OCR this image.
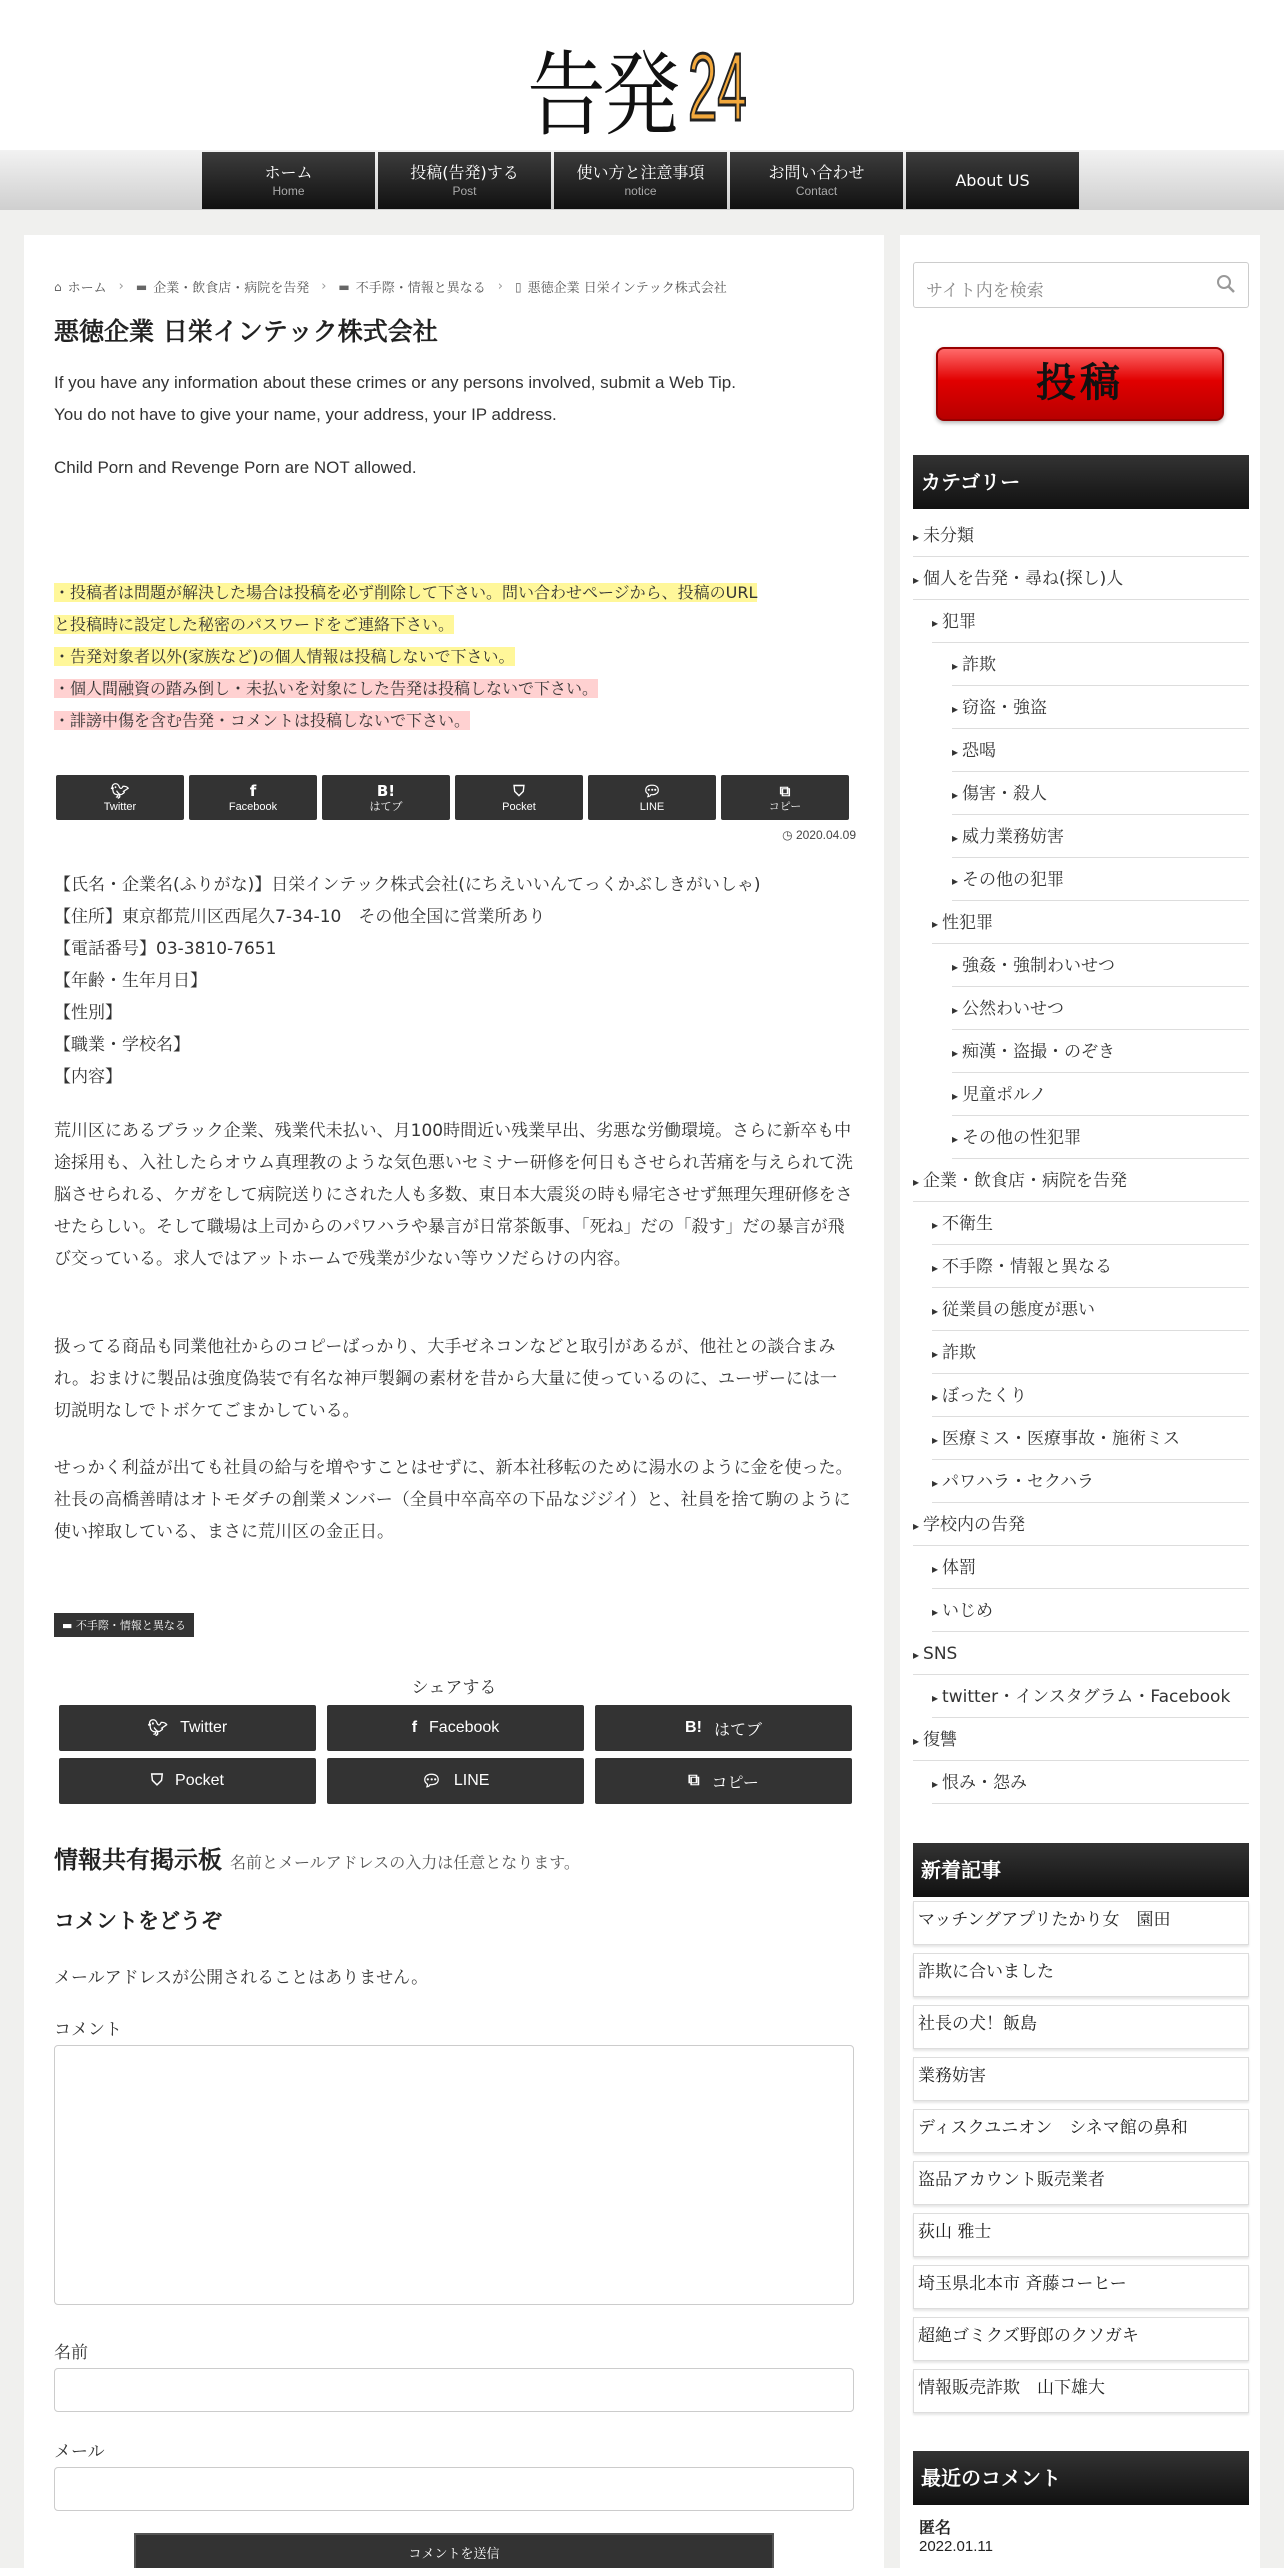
告発 24
ホーム
Home
投稿(告発)する
Post
使い方と注意事項
notice
お問い合わせ
Contact
About US
⌂ ホーム › ▬ 企業・飲食店・病院を告発 › ▬ 不手際・情報と異なる › ▯ 悪徳企業 日栄インテック株式会社
悪徳企業 日栄インテック株式会社
If you have any information about these crimes or any persons involved, submit a Web Tip.
You do not have to give your name, your address, your IP address.
Child Porn and Revenge Porn are NOT allowed.
・投稿者は問題が解決した場合は投稿を必ず削除して下さい。問い合わせページから、投稿のURL
と投稿時に設定した秘密のパスワードをご連絡下さい。
・告発対象者以外(家族など)の個人情報は投稿しないで下さい。
・個人間融資の踏み倒し・未払いを対象にした告発は投稿しないで下さい。
・誹謗中傷を含む告発・コメントは投稿しないで下さい。
🐦︎
Twitter
f
Facebook
B!
はてブ
⛉
Pocket
💬︎
LINE
⧉
コピー
◷ 2020.04.09
【氏名・企業名(ふりがな)】日栄インテック株式会社(にちえいいんてっくかぶしきがいしゃ)
【住所】東京都荒川区西尾久7-34-10　その他全国に営業所あり
【電話番号】03-3810-7651
【年齢・生年月日】
【性別】
【職業・学校名】
【内容】
荒川区にあるブラック企業、残業代未払い、月100時間近い残業早出、劣悪な労働環境。さらに新卒も中途採用も、入社したらオウム真理教のような気色悪いセミナー研修を何日もさせられ苦痛を与えられて洗脳させられる、ケガをして病院送りにされた人も多数、東日本大震災の時も帰宅させず無理矢理研修をさせたらしい。そして職場は上司からのパワハラや暴言が日常茶飯事、「死ね」だの「殺す」だの暴言が飛び交っている。求人ではアットホームで残業が少ない等ウソだらけの内容。
扱ってる商品も同業他社からのコピーばっかり、大手ゼネコンなどと取引があるが、他社との談合まみれ。おまけに製品は強度偽装で有名な神戸製鋼の素材を昔から大量に使っているのに、ユーザーには一切説明なしでトボケてごまかしている。
せっかく利益が出ても社員の給与を増やすことはせずに、新本社移転のために湯水のように金を使った。社長の高橋善晴はオトモダチの創業メンバー（全員中卒高卒の下品なジジイ）と、社員を捨て駒のように使い搾取している、まさに荒川区の金正日。
▬ 不手際・情報と異なる
シェアする
🐦︎ Twitter	f Facebook	B! はてブ
⛉ Pocket	💬︎ LINE	⧉ コピー
情報共有掲示板 名前とメールアドレスの入力は任意となります。
コメントをどうぞ
メールアドレスが公開されることはありません。
コメント
名前
メール
コメントを送信
サイト内を検索
投稿
カテゴリー
▸ 未分類
▸ 個人を告発・尋ね(探し)人
▸ 犯罪
▸ 詐欺
▸ 窃盗・強盗
▸ 恐喝
▸ 傷害・殺人
▸ 威力業務妨害
▸ その他の犯罪
▸ 性犯罪
▸ 強姦・強制わいせつ
▸ 公然わいせつ
▸ 痴漢・盗撮・のぞき
▸ 児童ポルノ
▸ その他の性犯罪
▸ 企業・飲食店・病院を告発
▸ 不衛生
▸ 不手際・情報と異なる
▸ 従業員の態度が悪い
▸ 詐欺
▸ ぼったくり
▸ 医療ミス・医療事故・施術ミス
▸ パワハラ・セクハラ
▸ 学校内の告発
▸ 体罰
▸ いじめ
▸ SNS
▸ twitter・インスタグラム・Facebook
▸ 復讐
▸ 恨み・怨み
新着記事
マッチングアプリたかり女　園田
詐欺に合いました
社長の犬！飯島
業務妨害
ディスクユニオン　シネマ館の鼻和
盗品アカウント販売業者
荻山 雅士
埼玉県北本市 斉藤コーヒー
超絶ゴミクズ野郎のクソガキ
情報販売詐欺　山下雄大
最近のコメント
匿名
2022.01.11
